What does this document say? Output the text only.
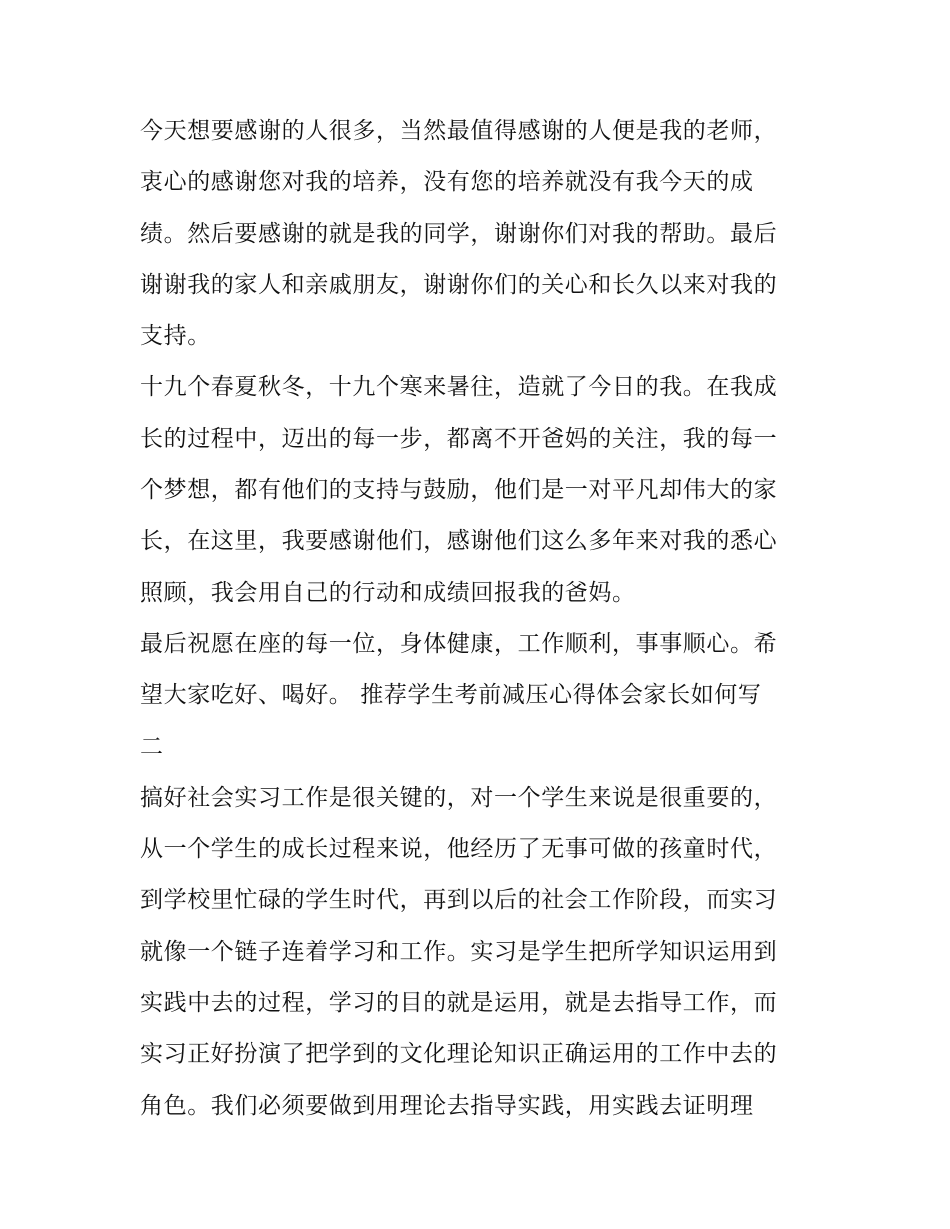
今天想要感谢的人很多，当然最值得感谢的人便是我的老师，
衷心的感谢您对我的培养，没有您的培养就没有我今天的成
绩。然后要感谢的就是我的同学，谢谢你们对我的帮助。最后
谢谢我的家人和亲戚朋友，谢谢你们的关心和长久以来对我的
支持。
十九个春夏秋冬，十九个寒来暑往，造就了今日的我。在我成
长的过程中，迈出的每一步，都离不开爸妈的关注，我的每一
个梦想，都有他们的支持与鼓励，他们是一对平凡却伟大的家
长，在这里，我要感谢他们，感谢他们这么多年来对我的悉心
照顾，我会用自己的行动和成绩回报我的爸妈。
最后祝愿在座的每一位，身体健康，工作顺利，事事顺心。希
望大家吃好、喝好。 推荐学生考前减压心得体会家长如何写
二
搞好社会实习工作是很关键的，对一个学生来说是很重要的，
从一个学生的成长过程来说，他经历了无事可做的孩童时代，
到学校里忙碌的学生时代，再到以后的社会工作阶段，而实习
就像一个链子连着学习和工作。实习是学生把所学知识运用到
实践中去的过程，学习的目的就是运用，就是去指导工作，而
实习正好扮演了把学到的文化理论知识正确运用的工作中去的
角色。我们必须要做到用理论去指导实践，用实践去证明理
